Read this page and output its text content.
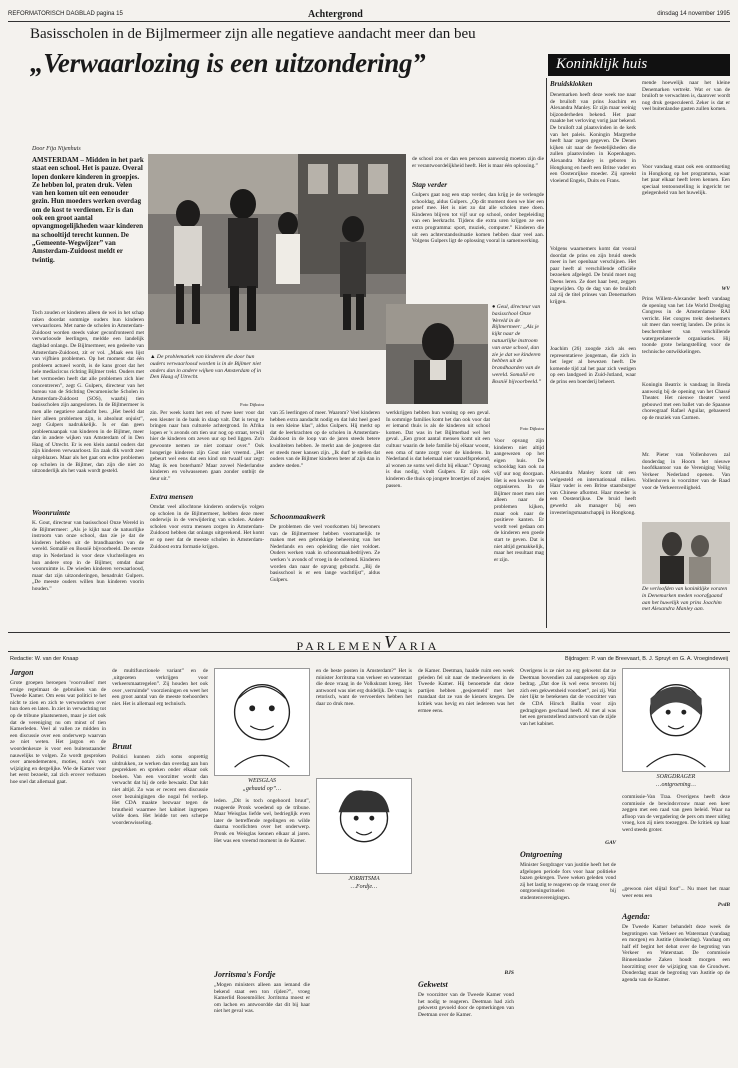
REFORMATORISCH DAGBLAD pagina 15	Achtergrond	dinsdag 14 november 1995
Basisscholen in de Bijlmermeer zijn alle negatieve aandacht meer dan beu
„Verwaarlozing is een uitzondering”	Koninklijk huis
Door Fija Nijenhuis
AMSTERDAM – Midden in het park staat een school. Het is pauze. Overal lopen donkere kinderen in groepjes. Ze hebben lol, praten druk. Velen van hen komen uit een eenouder gezin. Hun moeders werken overdag om de kost te verdienen. Er is dan ook een groot aantal opvangmogelijkheden waar kinderen na schooltijd terecht kunnen. De „Gemeente-Wegwijzer” van Amsterdam-Zuidoost meldt er twintig.
Toch zouden er kinderen alleen de wei in het schap raken doordat sommige ouders hun kinderen verwaarlozen. Met name de scholen in Amsterdam-Zuidoost worden steeds vaker geconfronteerd met verwarloosde leerlingen, meldde een landelijk dagblad onlangs. De Bijlmermeer, een gedeelte van Amsterdam-Zuidoost, zit er vol. „Maak een lijst van vijfhien problemen. Op het moment dat één probleem actueel wordt, is de kans groot dat het hele mediacircus richting Bijlmer trekt. Ouders met het vermoeden heeft dat alle problemen zich hier concentreren”, zegt G. Gulpers, directeur van het bureau van de Stichting Oecumenische Scholen in Amsterdam-Zuidoost (SOS), waarbij tien basisscholen zijn aangesloten. In de Bijlmermeer is men alle negatieve aandacht beu. „Het beeld dat hier alleen problemen zijn, is absoluut onjuist”, zegt Gulpers nadrukkelijk. Is er dan geen probleemaanpak van kinderen in de Bijlmer, meer dan in andere wijken van Amsterdam of in Den Haag of Utrecht. Er is een klein aantal ouders dat zijn kinderen verwaarloost. En zaak dik wordt zeer uitgeblazen. Maar als het gaat om echte problemen op scholen in de Bijlmer, dan zijn die niet zo uitzonderlijk als het vaak wordt gesteld.
Woonruimte
K. Gout, directeur van basisschool Onze Wereld in de Bijlmermeer: „Als je kijkt naar de natuurlijke instroom van onze school, dan zie je dat de kinderen hebben uit de brandhaarden van de wereld. Somalië en Bosnië bijvoorbeeld. De eerste stop in Nederland is voor deze vluchtelingen en hun andere stop in de Bijlmer, omdat daar woonruimte is. De wieden kinderen verwaarloosd, maar dat zijn uitzonderingen, benadrukt Gulpers. „De meeste ouders willen hun kinderen voorin houden.”
▲ De problematiek van kinderen die door hun ouders verwaarloosd worden is in de Bijlmer niet anders dan in andere wijken van Amsterdam of in Den Haag of Utrecht.
Foto Dijkstra
zin. Per week komt het een of twee keer voor dat een kleuter in de bank in slaap valt. Dat is terug te bringen naar hun culturele achtergrond. In Afrika lopen er 's avonds om tien uur nog op straat, terwijl hier de kinderen om zeven uur op bed liggen. Zo'n gewoonte nemen ze niet zomaar over.” Ook hongerige kinderen zijn Gout niet vreemd. „Het gebeurt wel eens dat een kind om twaalf uur zegt: Mag ik een boterham? Maar zoveel Nederlandse kinderen en volwassenen gaan zonder ontbijt de deur uit.”
Extra mensen
Omdat veel allochtone kinderen onderwijs volgen op scholen in de Bijlmermeer, hebben deze meer onderwijs in de verwijdering van scholen. Andere scholen voor extra mensen zorgen in Amsterdam-Zuidoost hebben dat onlangs uitgerekend. Het komt er op neer dat de meeste scholen in Amsterdam-Zuidoost extra formatie krijgen.
van 35 leerlingen of meer. Waarom? Veel kinderen hebben extra aandacht nodig en dat lukt heel goed in een kleine klas”, aldus Gulpers. Hij merkt op dat de leerkrachten op de scholen in Amsterdam-Zuidoost in de loop van de jaren steeds betere kwaliteiten hebben. Je merkt aan de jongeren dat er steeds meer kansen zijn. „Ik durf te stellen dat ouders van de Bijlmer kinderen beter af zijn dan in andere steden.”
Schoonmaakwerk
De problemen die veel voorkomen bij bewoners van de Bijlmermeer hebben voornamelijk te maken met een gebrekkige beheersing van het Nederlands en een opleiding die niet voldoet. Ouders werken vaak in schoonmaakbedrijven. Ze werken 's avonds of vroeg in de ochtend. Kinderen worden dan naar de opvang gebracht. „Bij de basisschool is er een lange wachtlijst”, aldus Gulpers.
● Geul, directeur van basisschool Onze Wereld in de Bijlmermeer: „Als je kijkt naar de natuurlijke instroom van onze school, dan zie je dat we kinderen hebben uit de brandhaarden van de wereld. Somalië en Bosnië bijvoorbeeld.”
Foto Dijkstra
werkkrijgen hebben hun woning op een geval. In sommige families komt het dan ook voor dat er iemand thuis is als de kinderen uit school komen. Dat was in het Bijlmerbad wel het geval. „Een groot aantal mensen komt uit een cultuur waarin de hele familie bij elkaar woont, een oma of tante zorgt voor de kinderen. In Nederland is dat helemaal niet vanzelfsprekend, al wonen ze soms wel dicht bij elkaar.” Opvang is dus nodig, vindt Gulpers. Er zijn ook kinderen die thuis op jongere broertjes of zusjes passen.
de school zou er dan een persoon aanwezig moeten zijn die er verantwoordelijkheid heeft. Het is maar één oplossing.”
Stap verder
Gulpers gaat nog een stap verder, dan krijg je de verlengde schooldag, aldus Gulpers. „Op dit moment doen we hier een proef mee. Het is niet zo dat alle scholen mee doen. Kinderen blijven tot vijf uur op school, onder begeleiding van een leerkracht. Tijdens die extra uren krijgen ze een extra programma: sport, muziek, computer.” Kinderen die uit een achterstandssituatie komen hebben daar veel aan. Volgens Gulpers ligt de oplossing vooral in samenwerking.
Voor opvang zijn kinderen niet altijd aangewezen op het eigen huis. De schooldag kan ook na vijf uur nog doorgaan. Het is een kwestie van organiseren. In de Bijlmer moet men niet alleen naar de problemen kijken, maar ook naar de positieve kanten. Er wordt veel gedaan om de kinderen een goede start te geven. Dat is niet altijd gemakkelijk, maar het resultaat mag er zijn.
Bruidsklokken
Denemarken heeft deze week toe naar de bruiloft van prins Joachim en Alexandra Manley. Er zijn maar weinig bijzonderheden bekend. Het paar maakte het verloving vorig jaar bekend. De bruiloft zal plaatsvinden in de kerk van het paleis. Koningin Margrethe heeft haar zegen gegeven. De Denen kijken uit naar de feestelijkheden die zullen plaatsvinden in Kopenhagen. Alexandra Manley is geboren in Hongkong en heeft een Britse vader en een Oostenrijkse moeder. Zij spreekt vloeiend Engels, Duits en Frans.
Volgens waarnemers komt dat vooral doordat de prins en zijn bruid steeds meer in het openbaar verschijnen. Het paar heeft al verschillende officiële bezoeken afgelegd. De bruid moet nog Deens leren. Ze doet haar best, zeggen ingewijden. Op de dag van de bruiloft zal zij de titel prinses van Denemarken krijgen.
Joachim (26) zoogde zich als een representatieve jongeman, die zich in het leger al bewezen heeft. De komende tijd zal het paar zich vestigen op een landgoed in Zuid-Jutland, waar de prins een boerderij beheert.
Alexandra Manley komt uit een welgesteld en internationaal milieu. Haar vader is een Britse staatsburger van Chinese afkomst. Haar moeder is een Oostenrijkse. De bruid heeft gewerkt als manager bij een investeringsmaatschappij in Hongkong.
mende hoewelijk naar het kleine Denemarken vertrekt. Wat er van de bruiloft te verwachten is, daarover wordt nog druk gespeculeerd. Zeker is dat er veel buitenlandse gasten zullen komen.
Voor vandaag staat ook een ontmoeting in Hongkong op het programma, waar het paar elkaar heeft leren kennen. Een speciaal tentoonstelling is ingericht ter gelegenheid van het huwelijk.
WV
Prins Willem-Alexander heeft vandaag de opening van het 14e World Dredging Congress in de Amsterdamse RAI verricht. Het congres trekt deelnemers uit meer dan veertig landen. De prins is beschermheer van verschillende watergerelateerde organisaties. Hij toonde grote belangstelling voor de technische ontwikkelingen.
Koningin Beatrix is vandaag in Breda aanwezig bij de opening van het Chassé Theater. Het nieuwe theater werd gebouwd met een ballet van de Spaanse choreograaf Rafael Aguilar, gebaseerd op de muziek van Carmen.
Mr. Pieter van Vollenhoven zal donderdag in Hoorn het nieuwe hoofdkantoor van de Vereniging Veilig Verkeer Nederland openen. Van Vollenhoven is voorzitter van de Raad voor de Verkeersveiligheid.
De verloofden van koninklijke vorsten in Denemarken meden voorafgaand aan het huwelijk van prins Joachim met Alexandra Manley aan.
PARLEMENVARIA
Redactie: W. van der Knaap	Bijdragen: P. van de Breevaart, B. J. Spruyt en G. A. Vroegindeweij
Jargon
Grote groepen beroepen 'voorvallen' met ernige regelmaat de gebruiken van de Tweede Kamer. Om eens wat politici te het nicht te zien en zich te verwonderen over hun doen en laten. In ziet in verwachting tot op de tribune plaatsnemen, maar je ziet ook dat de vereniging nu om minst of tien Kamerleden. Veel al vallen ze midden in een discussie over een onderwerp waarvan ze niet weten. Het jargon en de woordenkeuze is voor een buitenstaander nauwelijks te volgen. Zo wordt gesproken over amendementen, moties, nota's van wijziging en dergelijke. Wie de Kamer voor het eerst bezoekt, zal zich erover verbazen hoe snel dat allemaal gaat.
de multifunctionele variant” en de ‚uitgezeten verkrijgen voor verkeersmaatregelen”. Zij houden het ook over ‚verruimde” voorzieningen en weet het een groot aantal van de meeste toehoorders niet. Het is allemaal erg technisch.
Bruut
Politici kunnen zich soms onprettig uitdrukken, ze werken dan overdag aan hun gesprekken en spreken onder elkaar ook boeken. Van een voorzitter wordt dan verwacht dat hij de orde bewaakt. Dat lukt niet altijd. Zo was er recent een discussie over bezuinigingen die nogal fel verliep. Het CDA maakte bezwaar tegen de bruutheid waarmee het kabinet ingrepen wilde doen. Het leidde tot een scherpe woordenwisseling.
WEISGLAS
„gehaaid op”…
leden. „Dit is toch ongehoord bruut”, reageerde Pronk woedend op de tribune. Maar Weisglas liefde wel, bedrieglijk even later de betreffende regelingen en wilde daarna voorlichten over het onderwerp. Pronk en Weisglas kennen elkaar al jaren. Het was een vreemd moment in de Kamer.
Jorritsma's Fordje
„Mogen ministers alleen aan iemand die bekend staat een ton rijden?”, vroeg Kamerlid Rosenmöller. Jorritsma moest er om lachen en antwoordde dat dit bij haar niet het geval was.
en de beste posten in Amsterdam?” Het is minister Jorritsma van verkeer en waterstaat die deze vraag in de Volkskrant kreeg. Het antwoord was niet erg duidelijk. De vraag is retorisch, want de vervoerders hebben het daar zo druk mee.
JORRITSMA
…Fordje…
de Kamer. Deetman, haalde ruim een week geleden fel uit naar de medewerkers in de Tweede Kamer. Hij benoemde dat deze partijen hebben ‚gesjoemeld’ met het mandaat dat ze van de kiezers kregen. De kritiek was hevig en niet iedereen was het ermee eens.
BJS
Gekwetst
De voorzitter van de Tweede Kamer vond het nodig te reageren. Deetman had zich gekwetst gevoeld door de opmerkingen van Deetman over de Kamer.
Overigens is ze niet zo erg gekwetst dat ze Deetman bovendien zal aanspreken op zijn bedrag. „Dat doe ik wel eens tevoren bij zich een gekwetsheid voordoet”, zei zij. Wat niet lijkt te betekenen dat de voorzitter van de CDA Hirsch Ballin voor zijn gedragingen geschaad heeft. Al met al was het een geruststellend antwoord van de zijde van het kabinet.
GAV
Ontgroening
Minister Sorgdrager van justitie heeft het de afgelopen periode fors voor haar politieke bazen gekregen. Twee weken geleden vond zij het lastig te reageren op de vraag over de ontgroeningsrituelen bij studentenverenigingen.
SORGDRAGER
…ontgroening…
commissie-Van Traa. Overigens heeft deze commissie de bewindsvrouw maar een keer zeggen met een raad van geen beleid. Waar na afloop van de vergadering de pers om meer uitleg vroeg, kon zij niets toezeggen. De kritiek op haar werd steeds groter.
„gewoon niet slijtal fout”... Nu moet het maar weer eens een
PvdB
Agenda:
De Tweede Kamer behandelt deze week de begrotingen van Verkeer en Waterstaat (vandaag en morgen) en Justitie (donderdag). Vandaag om half elf begint het debat over de begroting van Verkeer en Waterstaat. De commissie Binnenlandse Zaken houdt morgen een hoorzitting over de wijziging van de Grondwet. Donderdag staat de begroting van Justitie op de agenda van de Kamer.
